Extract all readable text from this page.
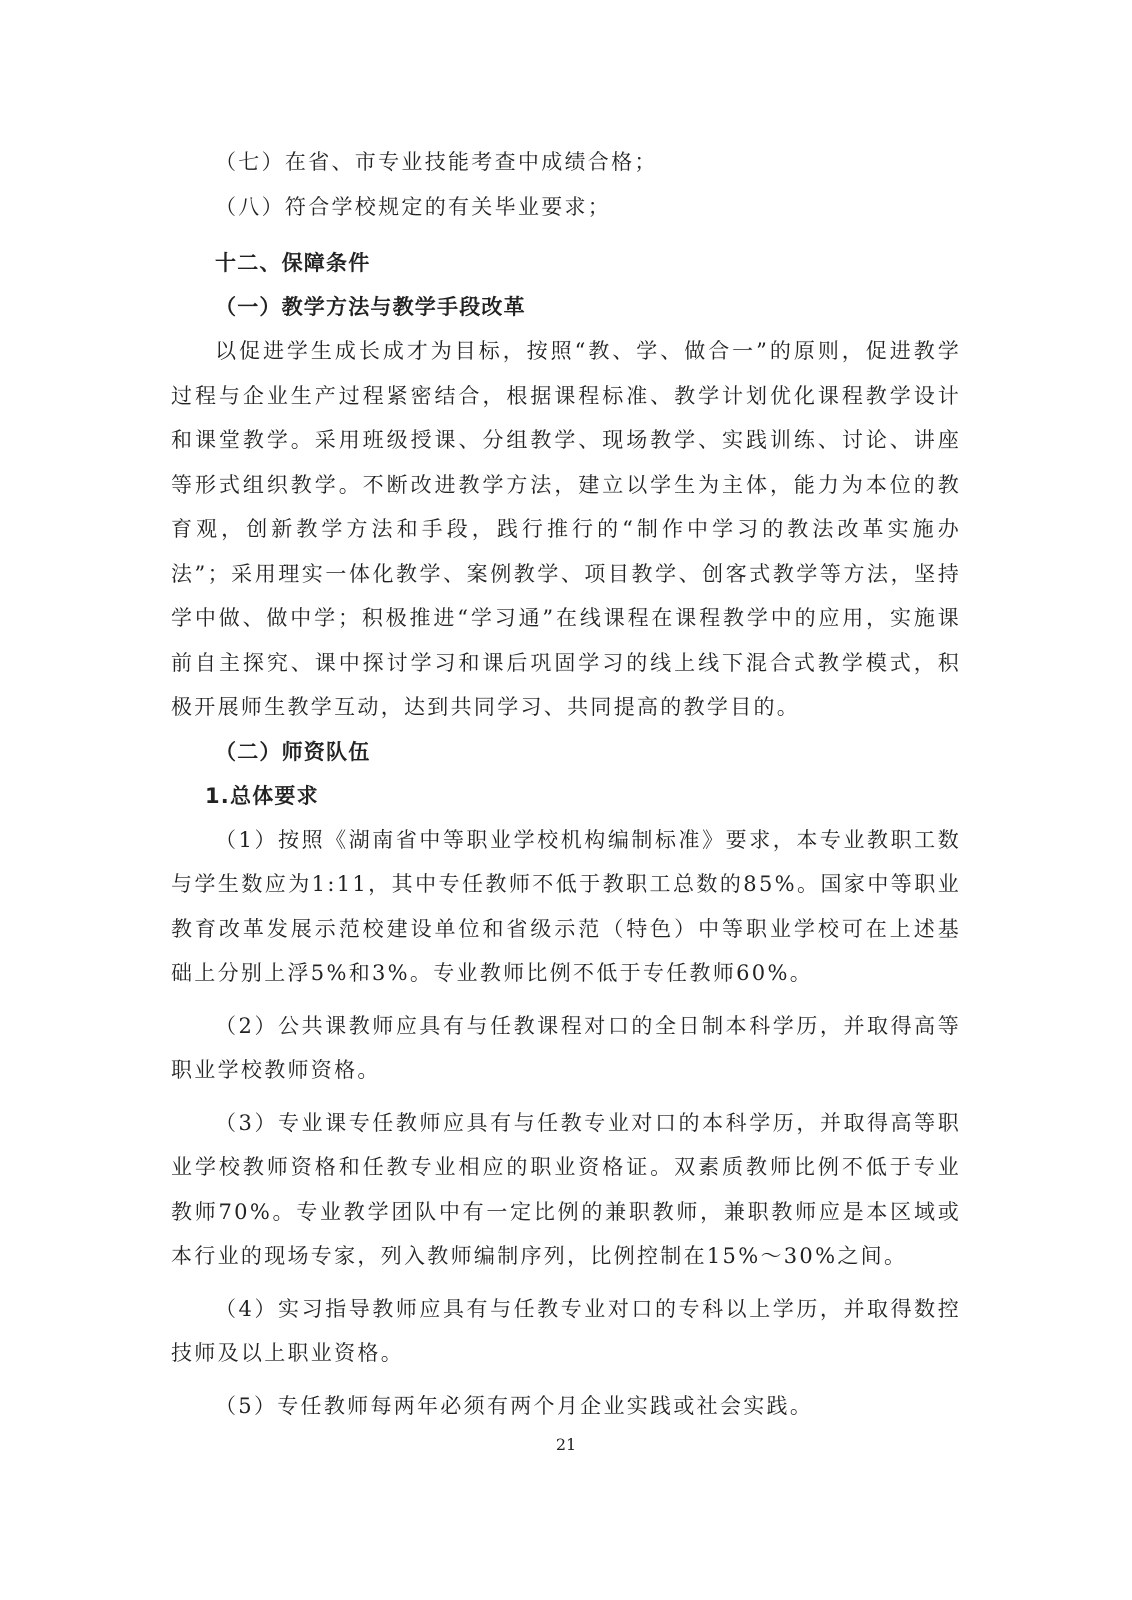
（七）在省、市专业技能考查中成绩合格；

（八）符合学校规定的有关毕业要求；

十二、保障条件

（一）教学方法与教学手段改革

以促进学生成长成才为目标，按照“教、学、做合一”的原则，促进教学过程与企业生产过程紧密结合，根据课程标准、教学计划优化课程教学设计和课堂教学。采用班级授课、分组教学、现场教学、实践训练、讨论、讲座等形式组织教学。不断改进教学方法，建立以学生为主体，能力为本位的教育观，创新教学方法和手段，践行推行的“制作中学习的教法改革实施办法”；采用理实一体化教学、案例教学、项目教学、创客式教学等方法，坚持学中做、做中学；积极推进“学习通”在线课程在课程教学中的应用，实施课前自主探究、课中探讨学习和课后巩固学习的线上线下混合式教学模式，积极开展师生教学互动，达到共同学习、共同提高的教学目的。

（二）师资队伍

1.总体要求

（1）按照《湖南省中等职业学校机构编制标准》要求，本专业教职工数与学生数应为1:11，其中专任教师不低于教职工总数的85%。国家中等职业教育改革发展示范校建设单位和省级示范（特色）中等职业学校可在上述基础上分别上浮5%和3%。专业教师比例不低于专任教师60%。

（2）公共课教师应具有与任教课程对口的全日制本科学历，并取得高等职业学校教师资格。

（3）专业课专任教师应具有与任教专业对口的本科学历，并取得高等职业学校教师资格和任教专业相应的职业资格证。双素质教师比例不低于专业教师70%。专业教学团队中有一定比例的兼职教师，兼职教师应是本区域或本行业的现场专家，列入教师编制序列，比例控制在15%～30%之间。

（4）实习指导教师应具有与任教专业对口的专科以上学历，并取得数控技师及以上职业资格。

（5）专任教师每两年必须有两个月企业实践或社会实践。

21
